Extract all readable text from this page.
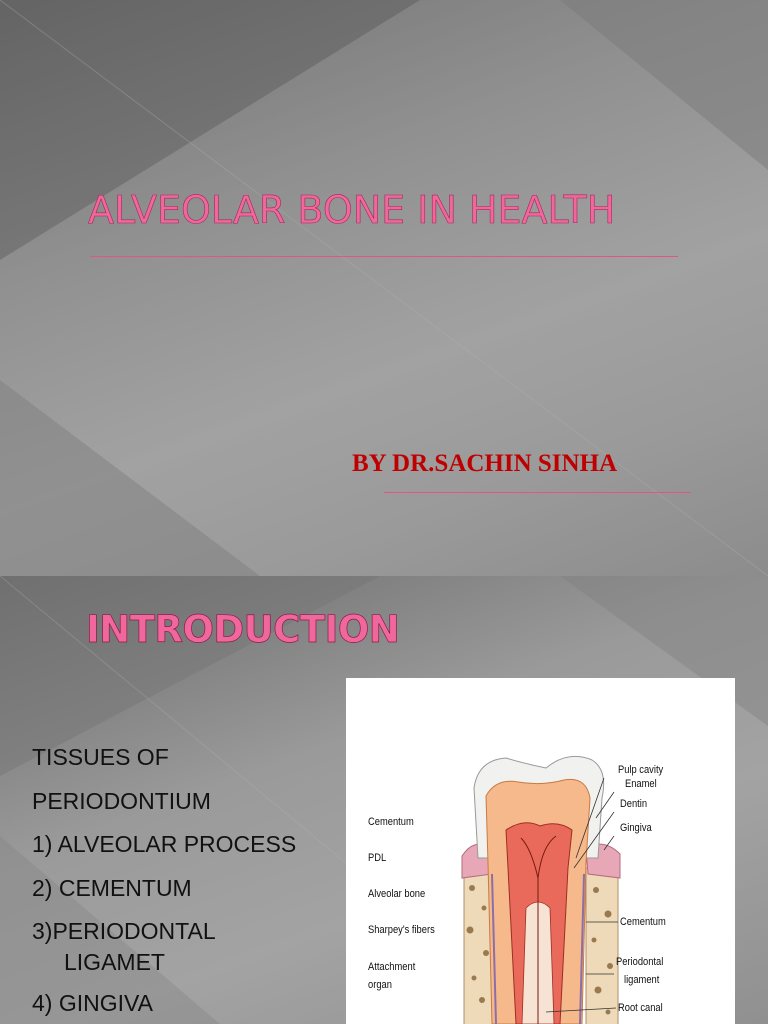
ALVEOLAR BONE IN HEALTH
BY DR.SACHIN SINHA
INTRODUCTION
TISSUES OF
PERIODONTIUM
1) ALVEOLAR PROCESS
2) CEMENTUM
3)PERIODONTAL
LIGAMET
4) GINGIVA
Cementum
PDL
Alveolar bone
Sharpey's fibers
Attachment
organ
Pulp cavity
Enamel
Dentin
Gingiva
Cementum
Periodontal
ligament
Root canal
